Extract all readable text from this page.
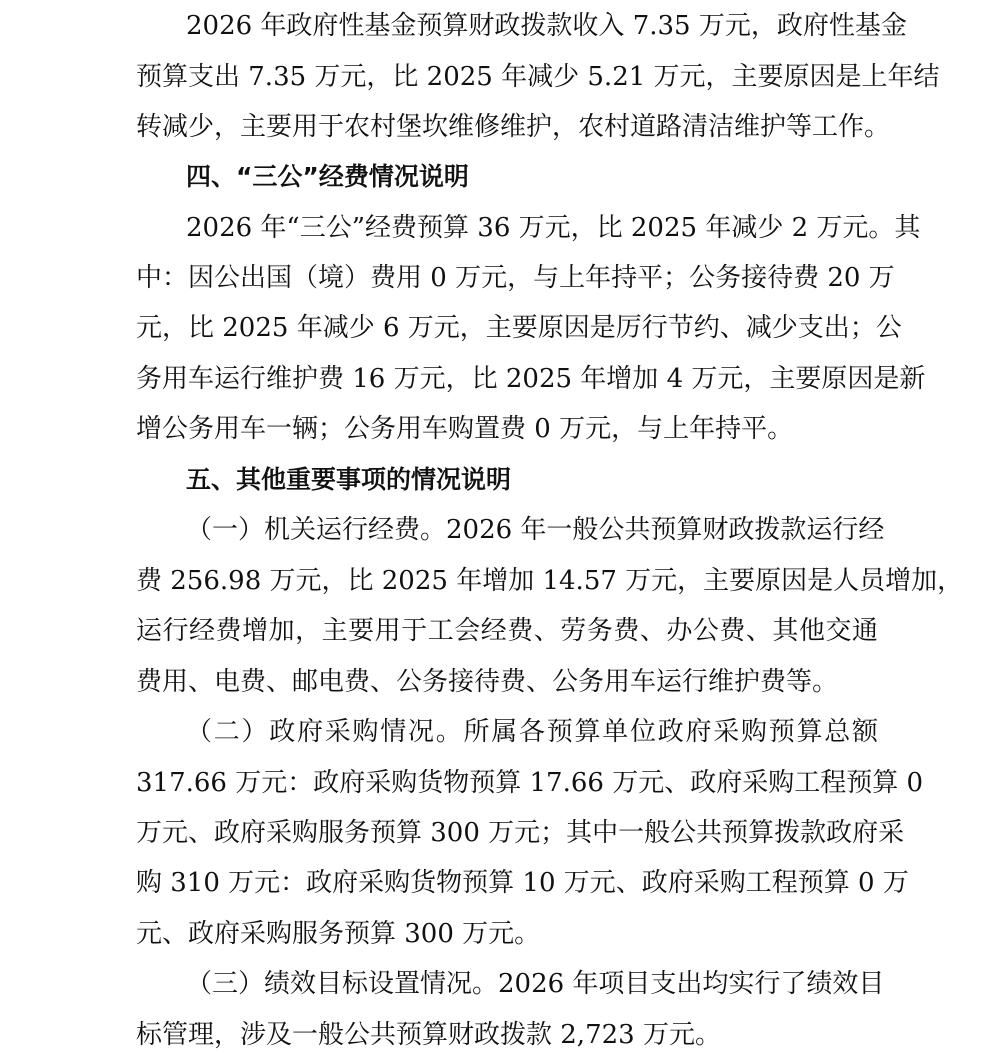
2026 年政府性基金预算财政拨款收入 7.35 万元，政府性基金
预算支出 7.35 万元，比 2025 年减少 5.21 万元，主要原因是上年结
转减少，主要用于农村堡坎维修维护，农村道路清洁维护等工作。
四、“三公”经费情况说明
2026 年“三公”经费预算 36 万元，比 2025 年减少 2 万元。其
中：因公出国（境）费用 0 万元，与上年持平；公务接待费 20 万
元，比 2025 年减少 6 万元，主要原因是厉行节约、减少支出；公
务用车运行维护费 16 万元，比 2025 年增加 4 万元，主要原因是新
增公务用车一辆；公务用车购置费 0 万元，与上年持平。
五、其他重要事项的情况说明
（一）机关运行经费。2026 年一般公共预算财政拨款运行经
费 256.98 万元，比 2025 年增加 14.57 万元，主要原因是人员增加，
运行经费增加，主要用于工会经费、劳务费、办公费、其他交通
费用、电费、邮电费、公务接待费、公务用车运行维护费等。
（二）政府采购情况。所属各预算单位政府采购预算总额
317.66 万元：政府采购货物预算 17.66 万元、政府采购工程预算 0
万元、政府采购服务预算 300 万元；其中一般公共预算拨款政府采
购 310 万元：政府采购货物预算 10 万元、政府采购工程预算 0 万
元、政府采购服务预算 300 万元。
（三）绩效目标设置情况。2026 年项目支出均实行了绩效目
标管理，涉及一般公共预算财政拨款 2,723 万元。
